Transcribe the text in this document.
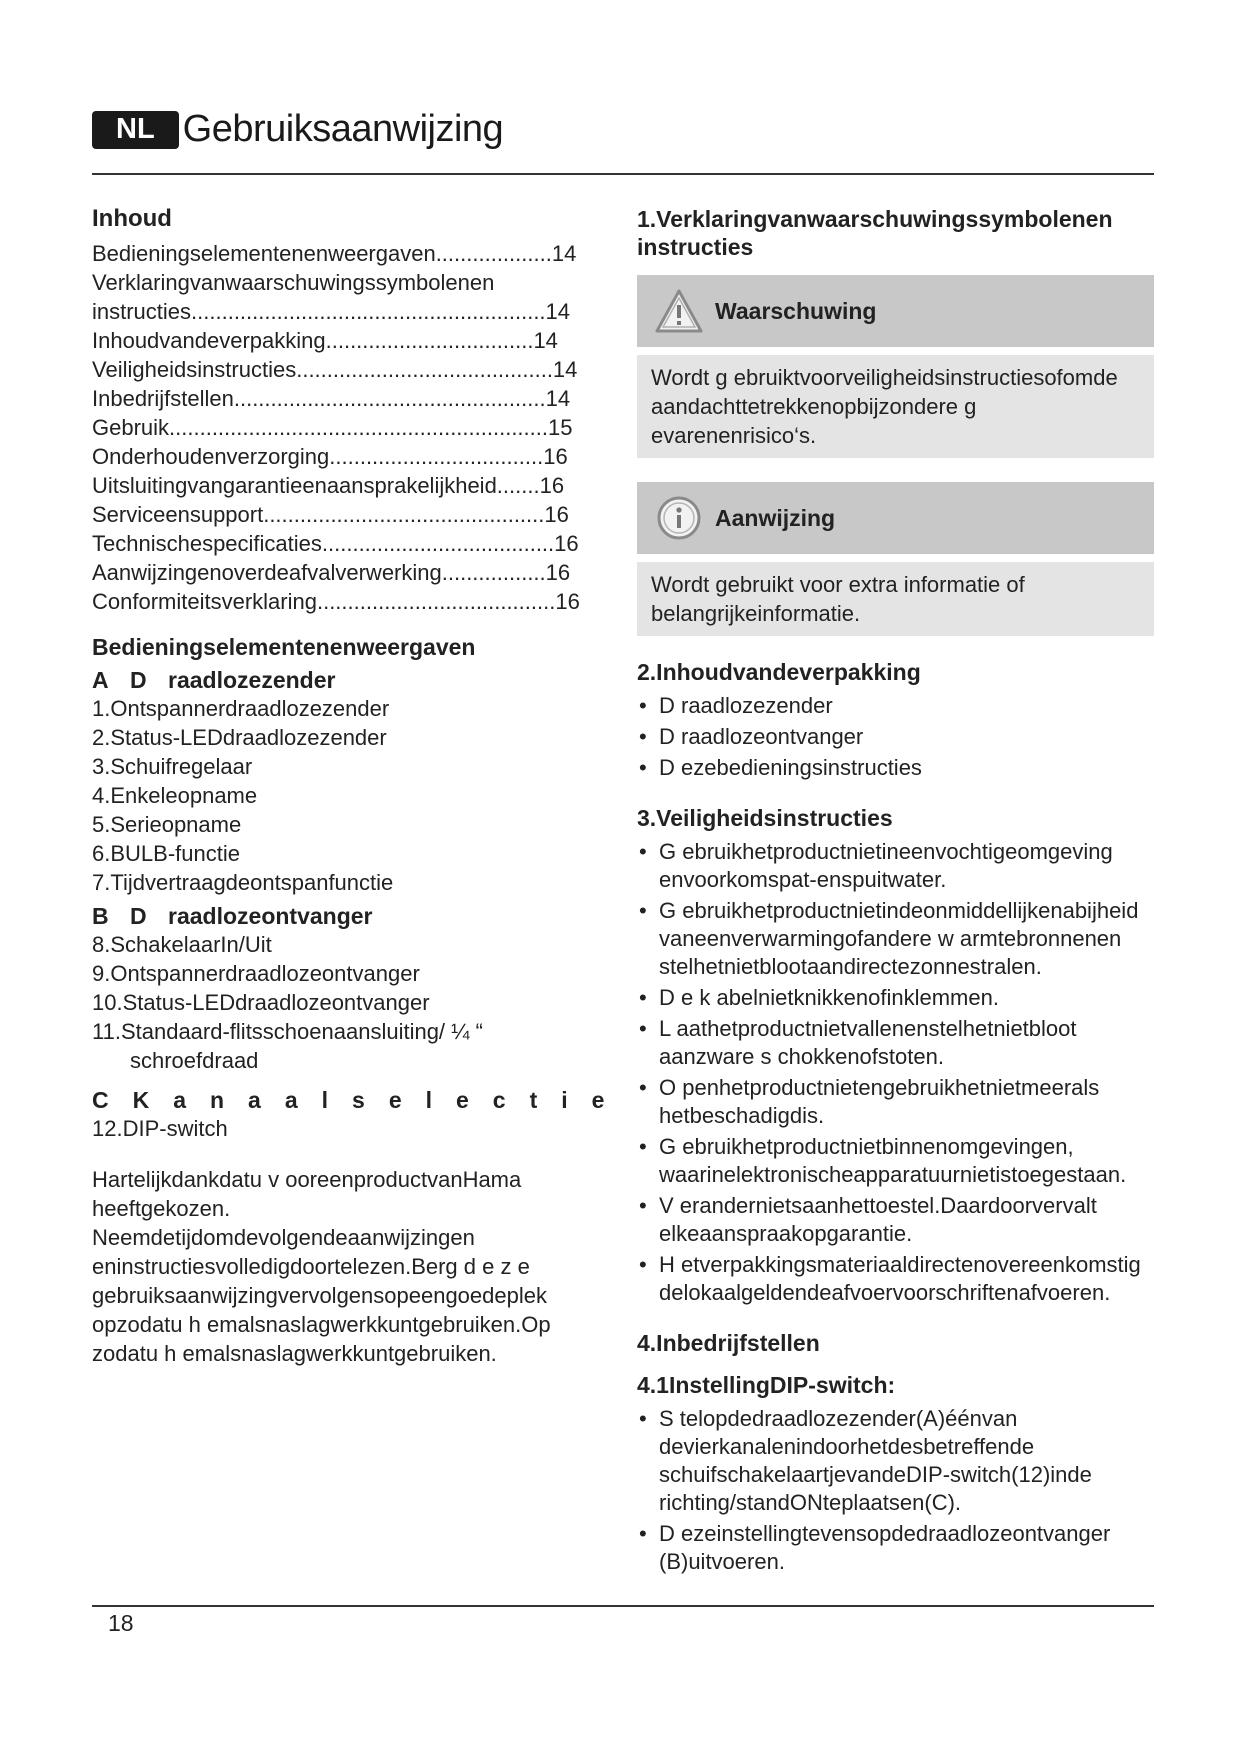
NL Gebruiksaanwijzing
Inhoud
Bedieningselementenenweergaven...................14
Verklaringvanwaarschuwingssymbolenen
instructies..........................................................14
Inhoudvandeverpakking..................................14
Veiligheidsinstructies..........................................14
Inbedrijfstellen...................................................14
Gebruik..............................................................15
Onderhoudenverzorging...................................16
Uitsluitingvangarantieenaansprakelijkheid.......16
Serviceensupport..............................................16
Technischespecificaties......................................16
Aanwijzingenoverdeafvalverwerking.................16
Conformiteitsverklaring.......................................16
Bedieningselementenenweergaven
A D raadlozezender
1.Ontspannerdraadlozezender
2.Status-LEDdraadlozezender
3.Schuifregelaar
4.Enkeleopname
5.Serieopname
6.BULB-functie
7.Tijdvertraagdeontspanfunctie
B D raadlozeontvanger
8.SchakelaarIn/Uit
9.Ontspannerdraadlozeontvanger
10.Status-LEDdraadlozeontvanger
11.Standaard-flitsschoenaansluiting/ ¼ “
schroefdraad
CKanaalselectie
12.DIP-switch
Hartelijkdankdatu v ooreenproductvanHama
heeftgekozen.
Neemdetijdomdevolgendeaanwijzingen
eninstructiesvolledigdoortelezen.Berg d e z e
gebruiksaanwijzingvervolgensopeengoedeplek
opzodatu h emalsnaslagwerkkuntgebruiken.Op
zodatu h emalsnaslagwerkkuntgebruiken.
1.Verklaringvanwaarschuwingssymbolenen
instructies
Waarschuwing
Wordt g ebruiktvoorveiligheidsinstructiesofomde
aandachttetrekkenopbijzondere g evarenenrisico‘s.
Aanwijzing
Wordt gebruikt voor extra informatie of
belangrijkeinformatie.
2.Inhoudvandeverpakking
• D raadlozezender
• D raadlozeontvanger
• D ezebedieningsinstructies
3.Veiligheidsinstructies
• G ebruikhetproductnietineenvochtigeomgeving
envoorkomspat-enspuitwater.
• G ebruikhetproductnietindeonmiddellijkenabijheid
vaneenverwarmingofandere w armtebronnenen
stelhetnietblootaandirectezonnestralen.
• D e k abelnietknikkenofinklemmen.
• L aathetproductnietvallenenstelhetnietbloot
aanzware s chokkenofstoten.
• O penhetproductnietengebruikhetnietmeerals
hetbeschadigdis.
• G ebruikhetproductnietbinnenomgevingen,
waarinelektronischeapparatuurnietistoegestaan.
• V erandernietsaanhettoestel.Daardoorvervalt
elkeaanspraakopgarantie.
• H etverpakkingsmateriaaldirectenovereenkomstig
delokaalgeldendeafvoervoorschriftenafvoeren.
4.Inbedrijfstellen
4.1InstellingDIP-switch:
• S telopdedraadlozezender(A)éénvan
devierkanalenindoorhetdesbetreffende
schuifschakelaartjevandeDIP-switch(12)inde
richting/standONteplaatsen(C).
• D ezeinstellingtevensopdedraadlozeontvanger
(B)uitvoeren.
18
